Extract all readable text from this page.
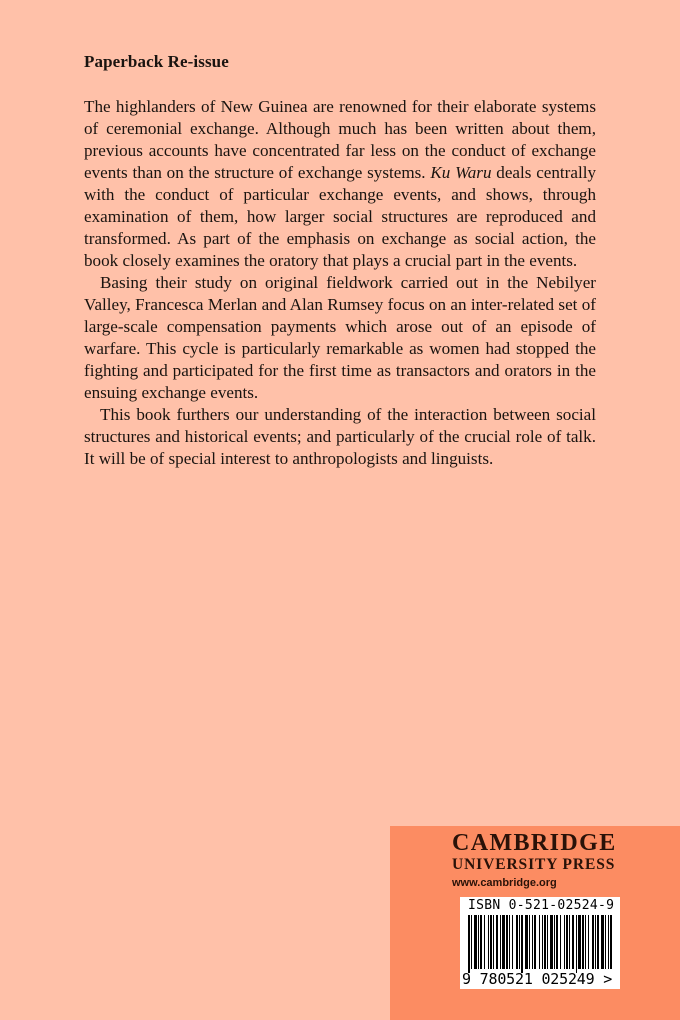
Paperback Re-issue

The highlanders of New Guinea are renowned for their elaborate systems of ceremonial exchange. Although much has been written about them, previous accounts have concentrated far less on the conduct of exchange events than on the structure of exchange systems. Ku Waru deals centrally with the conduct of particular exchange events, and shows, through examination of them, how larger social structures are reproduced and transformed. As part of the emphasis on exchange as social action, the book closely examines the oratory that plays a crucial part in the events.

Basing their study on original fieldwork carried out in the Nebilyer Valley, Francesca Merlan and Alan Rumsey focus on an inter-related set of large-scale compensation payments which arose out of an episode of warfare. This cycle is particularly remarkable as women had stopped the fighting and participated for the first time as transactors and orators in the ensuing exchange events.

This book furthers our understanding of the interaction between social structures and historical events; and particularly of the crucial role of talk. It will be of special interest to anthropologists and linguists.

CAMBRIDGE
UNIVERSITY PRESS
www.cambridge.org
ISBN 0-521-02524-9
9 780521 025249 >
